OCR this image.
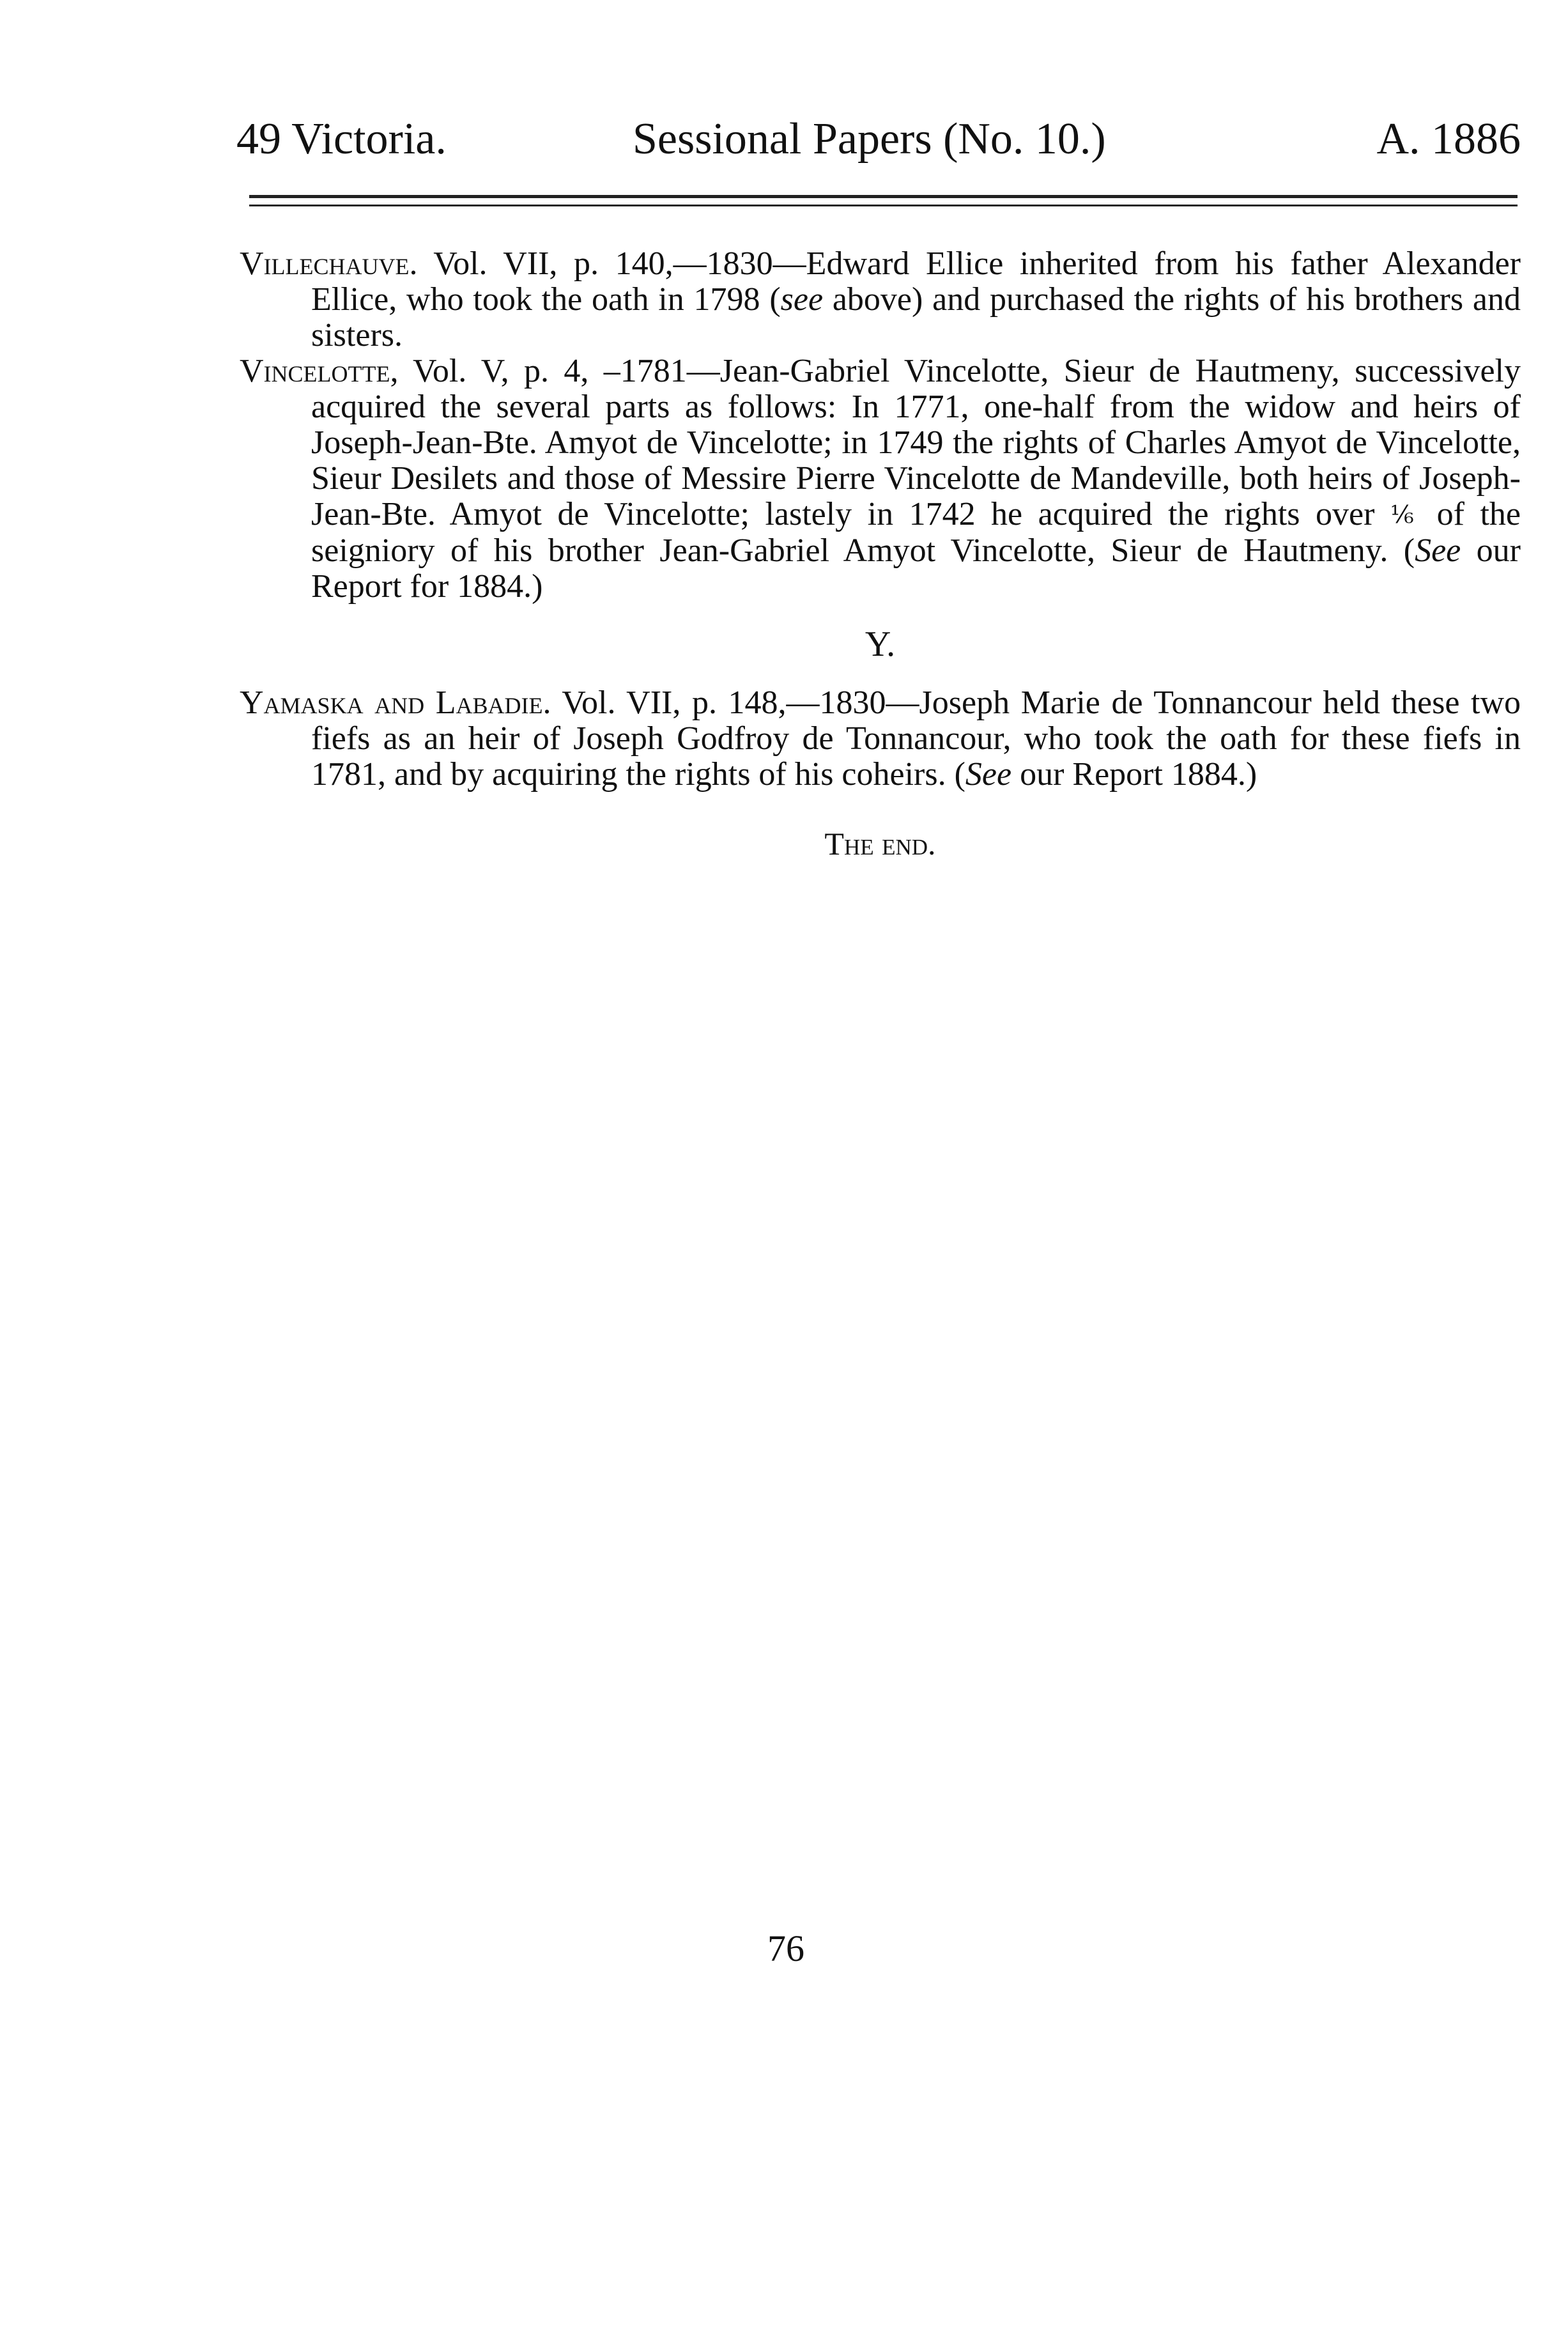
49 Victoria.	Sessional Papers (No. 10.)	A. 1886

Villechauve. Vol. VII, p. 140,—1830—Edward Ellice inherited from his father Alexander Ellice, who took the oath in 1798 (see above) and purchased the rights of his brothers and sisters.

Vincelotte, Vol. V, p. 4, –1781—Jean-Gabriel Vincelotte, Sieur de Hautmeny, successively acquired the several parts as follows: In 1771, one-half from the widow and heirs of Joseph-Jean-Bte. Amyot de Vincelotte; in 1749 the rights of Charles Amyot de Vincelotte, Sieur Desilets and those of Messire Pierre Vincelotte de Mandeville, both heirs of Joseph-Jean-Bte. Amyot de Vincelotte; lastely in 1742 he acquired the rights over ⅙ of the seigniory of his brother Jean-Gabriel Amyot Vincelotte, Sieur de Hautmeny. (See our Report for 1884.)

Y.

Yamaska and Labadie. Vol. VII, p. 148,—1830—Joseph Marie de Tonnancour held these two fiefs as an heir of Joseph Godfroy de Tonnancour, who took the oath for these fiefs in 1781, and by acquiring the rights of his coheirs. (See our Report 1884.)

The end.

76
